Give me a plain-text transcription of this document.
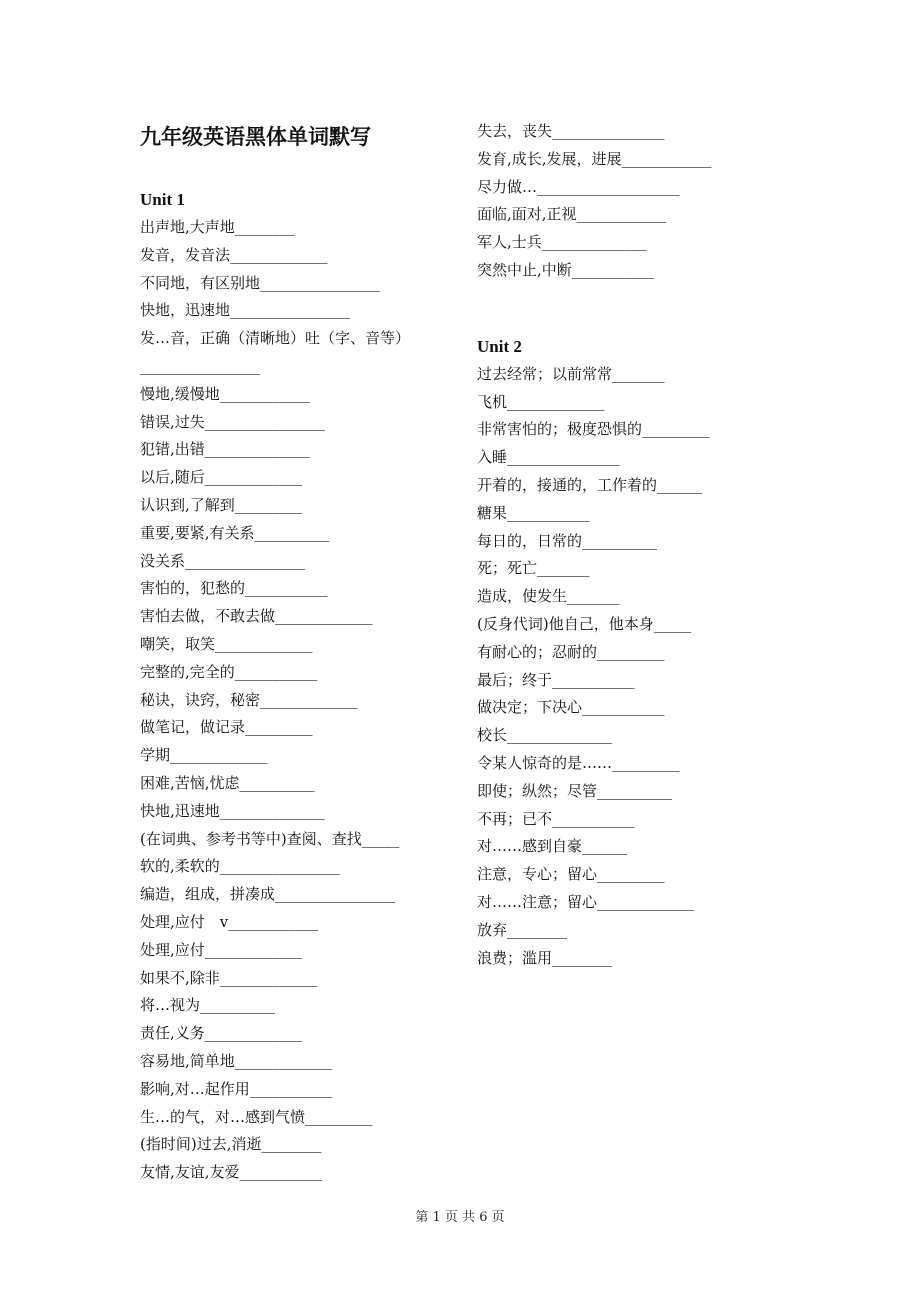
九年级英语黑体单词默写
Unit 1
出声地,大声地________
发音，发音法_____________
不同地，有区别地________________
快地，迅速地________________
发…音，正确（清晰地）吐（字、音等）
________________
慢地,缓慢地____________
错误,过失________________
犯错,出错______________
以后,随后_____________
认识到,了解到_________
重要,要紧,有关系__________
没关系________________
害怕的，犯愁的___________
害怕去做，不敢去做_____________
嘲笑，取笑_____________
完整的,完全的___________
秘诀，诀窍，秘密_____________
做笔记，做记录_________
学期_____________
困难,苦恼,忧虑__________
快地,迅速地______________
(在词典、参考书等中)查阅、查找_____
软的,柔软的________________
编造，组成，拼凑成________________
处理,应付　v____________
处理,应付_____________
如果不,除非_____________
将…视为__________
责任,义务_____________
容易地,简单地_____________
影响,对…起作用___________
生…的气，对…感到气愤_________
(指时间)过去,消逝________
友情,友谊,友爱___________
失去，丧失_______________
发育,成长,发展，进展____________
尽力做…___________________
面临,面对,正视____________
军人,士兵______________
突然中止,中断___________
Unit 2
过去经常；以前常常_______
飞机_____________
非常害怕的；极度恐惧的_________
入睡_______________
开着的，接通的，工作着的______
糖果___________
每日的，日常的__________
死；死亡_______
造成，使发生_______
(反身代词)他自己，他本身_____
有耐心的；忍耐的_________
最后；终于___________
做决定；下决心___________
校长______________
令某人惊奇的是……_________
即使；纵然；尽管__________
不再；已不___________
对……感到自豪______
注意，专心；留心_________
对……注意；留心_____________
放弃________
浪费；滥用________
第 1 页 共 6 页
